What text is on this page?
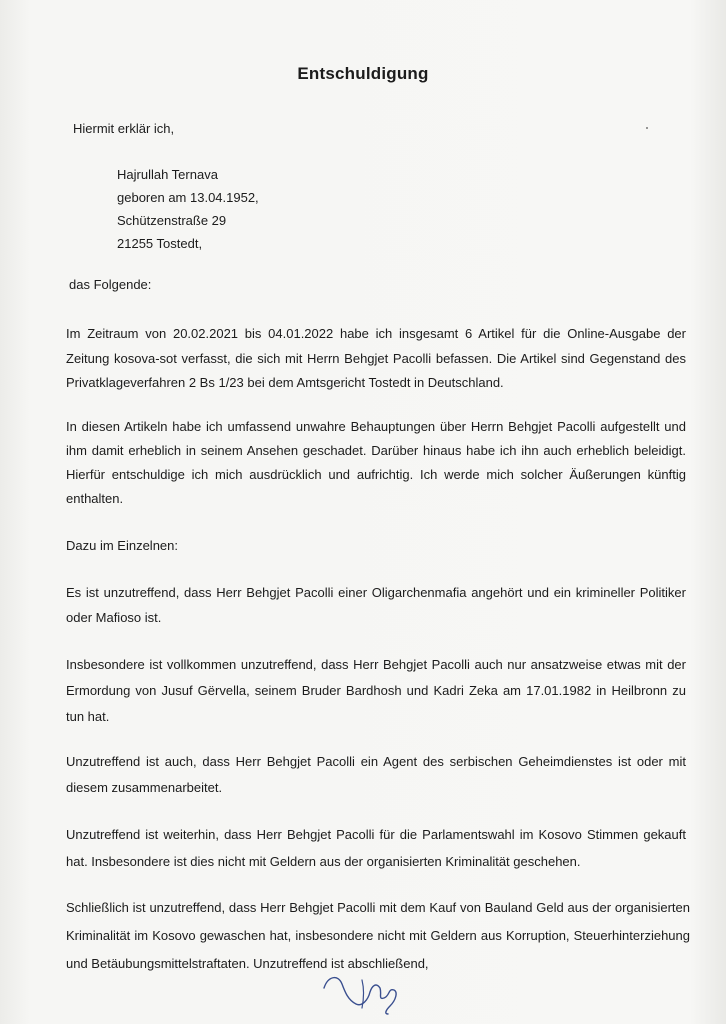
Entschuldigung
Hiermit erklär ich,
Hajrullah Ternava
geboren am 13.04.1952,
Schützenstraße 29
21255 Tostedt,
das Folgende:
Im Zeitraum von 20.02.2021 bis 04.01.2022 habe ich insgesamt 6 Artikel für die Online-Ausgabe der Zeitung kosova-sot verfasst, die sich mit Herrn Behgjet Pacolli befassen. Die Artikel sind Gegenstand des Privatklageverfahren 2 Bs 1/23 bei dem Amtsgericht Tostedt in Deutschland.
In diesen Artikeln habe ich umfassend unwahre Behauptungen über Herrn Behgjet Pacolli aufgestellt und ihm damit erheblich in seinem Ansehen geschadet. Darüber hinaus habe ich ihn auch erheblich beleidigt. Hierfür entschuldige ich mich ausdrücklich und aufrichtig. Ich werde mich solcher Äußerungen künftig enthalten.
Dazu im Einzelnen:
Es ist unzutreffend, dass Herr Behgjet Pacolli einer Oligarchenmafia angehört und ein krimineller Politiker oder Mafioso ist.
Insbesondere ist vollkommen unzutreffend, dass Herr Behgjet Pacolli auch nur ansatzweise etwas mit der Ermordung von Jusuf Gërvella, seinem Bruder Bardhosh und Kadri Zeka am 17.01.1982 in Heilbronn zu tun hat.
Unzutreffend ist auch, dass Herr Behgjet Pacolli ein Agent des serbischen Geheimdienstes ist oder mit diesem zusammenarbeitet.
Unzutreffend ist weiterhin, dass Herr Behgjet Pacolli für die Parlamentswahl im Kosovo Stimmen gekauft hat. Insbesondere ist dies nicht mit Geldern aus der organisierten Kriminalität geschehen.
Schließlich ist unzutreffend, dass Herr Behgjet Pacolli mit dem Kauf von Bauland Geld aus der organisierten Kriminalität im Kosovo gewaschen hat, insbesondere nicht mit Geldern aus Korruption, Steuerhinterziehung und Betäubungsmittelstraftaten. Unzutreffend ist abschließend,
